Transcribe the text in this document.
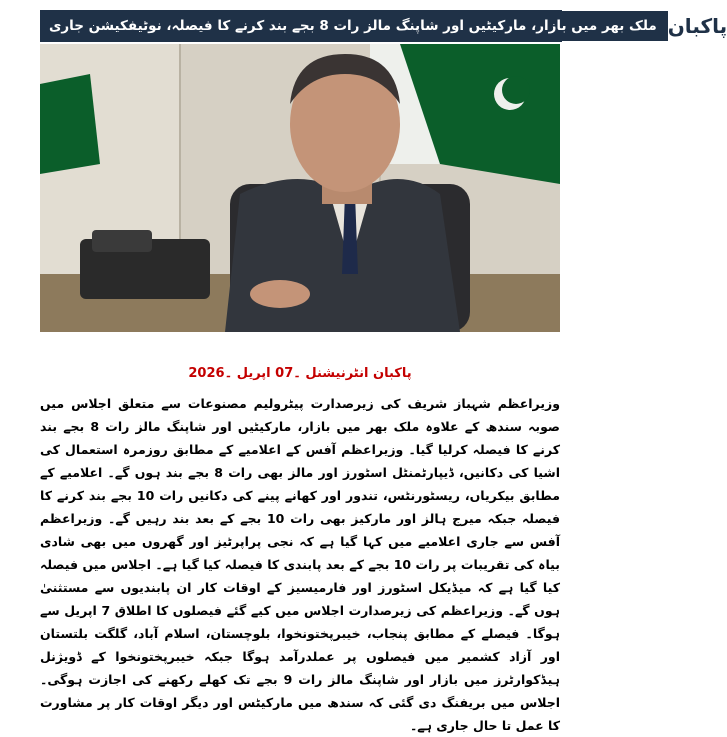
ملک بھر میں بازار، مارکیٹیں اور شاپنگ مالز رات 8 بجے بند کرنے کا فیصلہ، نوٹیفکیشن جاری پاکبان
پاکبان انٹرنیشنل ۔07 اپریل ۔2026

وزیراعظم شہباز شریف کی زیرصدارت پیٹرولیم مصنوعات سے متعلق اجلاس میں صوبہ سندھ کے علاوہ ملک بھر میں بازار، مارکیٹیں اور شاپنگ مالز رات 8 بجے بند کرنے کا فیصلہ کرلیا گیا۔ وزیراعظم آفس کے اعلامیے کے مطابق روزمرہ استعمال کی اشیا کی دکانیں، ڈیپارٹمنٹل اسٹورز اور مالز بھی رات 8 بجے بند ہوں گے۔ اعلامیے کے مطابق بیکریاں، ریسٹورنٹس، تندور اور کھانے پینے کی دکانیں رات 10 بجے بند کرنے کا فیصلہ جبکہ میرج ہالز اور مارکیز بھی رات 10 بجے کے بعد بند رہیں گے۔ وزیراعظم آفس سے جاری اعلامیے میں کہا گیا ہے کہ نجی پراپرٹیز اور گھروں میں بھی شادی بیاہ کی تقریبات پر رات 10 بجے کے بعد پابندی کا فیصلہ کیا گیا ہے۔ اجلاس میں فیصلہ کیا گیا ہے کہ میڈیکل اسٹورز اور فارمیسیز کے اوقات کار ان پابندیوں سے مستثنیٰ ہوں گے۔ وزیراعظم کی زیرصدارت اجلاس میں کیے گئے فیصلوں کا اطلاق 7 اپریل سے ہوگا۔ فیصلے کے مطابق پنجاب، خیبرپختونخوا، بلوچستان، اسلام آباد، گلگت بلتستان اور آزاد کشمیر میں فیصلوں پر عملدرآمد ہوگا جبکہ خیبرپختونخوا کے ڈویژنل ہیڈکوارٹرز میں بازار اور شاپنگ مالز رات 9 بجے تک کھلے رکھنے کی اجازت ہوگی۔ اجلاس میں بریفنگ دی گئی کہ سندھ میں مارکیٹس اور دیگر اوقات کار پر مشاورت کا عمل تا حال جاری ہے۔
